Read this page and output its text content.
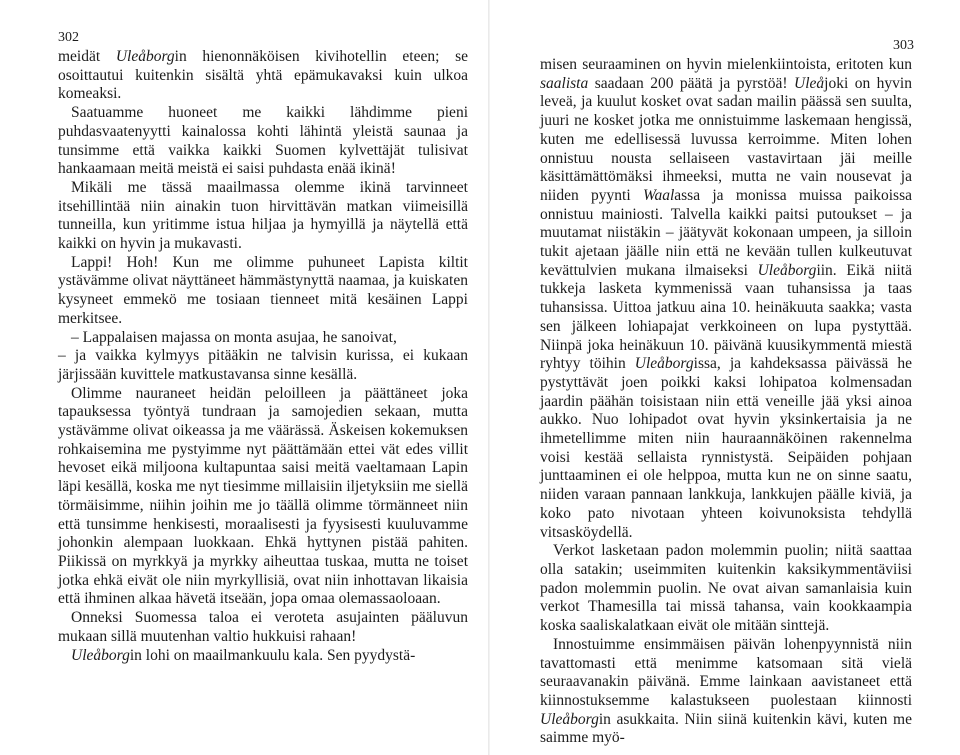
302

meidät Uleåborgin hienonnäköisen kivihotellin eteen; se osoittautui kuitenkin sisältä yhtä epämukavaksi kuin ulkoa komeaksi.

Saatuamme huoneet me kaikki lähdimme pieni puhdasvaatenyytti kainalossa kohti lähintä yleistä saunaa ja tunsimme että vaikka kaikki Suomen kylvettäjät tulisivat hankaamaan meitä meistä ei saisi puhdasta enää ikinä!

Mikäli me tässä maailmassa olemme ikinä tarvinneet itsehillintää niin ainakin tuon hirvittävän matkan viimeisillä tunneilla, kun yritimme istua hiljaa ja hymyillä ja näytellä että kaikki on hyvin ja mukavasti.

Lappi! Hoh! Kun me olimme puhuneet Lapista kiltit ystävämme olivat näyttäneet hämmästynyttä naamaa, ja kuiskaten kysyneet emmekö me tosiaan tienneet mitä kesäinen Lappi merkitsee.

– Lappalaisen majassa on monta asujaa, he sanoivat,

– ja vaikka kylmyys pitääkin ne talvisin kurissa, ei kukaan järjissään kuvittele matkustavansa sinne kesällä.

Olimme nauraneet heidän peloilleen ja päättäneet joka tapauksessa työntyä tundraan ja samojedien sekaan, mutta ystävämme olivat oikeassa ja me väärässä. Äskeisen kokemuksen rohkaisemina me pystyimme nyt päättämään ettei vät edes villit hevoset eikä miljoona kultapuntaa saisi meitä vaeltamaan Lapin läpi kesällä, koska me nyt tiesimme millaisiin iljetyksiin me siellä törmäisimme, niihin joihin me jo täällä olimme törmänneet niin että tunsimme henkisesti, moraalisesti ja fyysisesti kuuluvamme johonkin alempaan luokkaan. Ehkä hyttynen pistää pahiten. Piikissä on myrkkyä ja myrkky aiheuttaa tuskaa, mutta ne toiset jotka ehkä eivät ole niin myrkyllisiä, ovat niin inhottavan likaisia että ihminen alkaa hävetä itseään, jopa omaa olemassaoloaan.

Onneksi Suomessa taloa ei veroteta asujainten pääluvun mukaan sillä muutenhan valtio hukkuisi rahaan!

Uleåborgin lohi on maailmankuulu kala. Sen pyydystä-

303

misen seuraaminen on hyvin mielenkiintoista, eritoten kun saalista saadaan 200 päätä ja pyrstöä! Uleåjoki on hyvin leveä, ja kuulut kosket ovat sadan mailin päässä sen suulta, juuri ne kosket jotka me onnistuimme laskemaan hengissä, kuten me edellisessä luvussa kerroimme. Miten lohen onnistuu nousta sellaiseen vastavirtaan jäi meille käsittämättömäksi ihmeeksi, mutta ne vain nousevat ja niiden pyynti Waalassa ja monissa muissa paikoissa onnistuu mainiosti. Talvella kaikki paitsi putoukset – ja muutamat niistäkin – jäätyvät kokonaan umpeen, ja silloin tukit ajetaan jäälle niin että ne kevään tullen kulkeutuvat kevättulvien mukana ilmaiseksi Uleåborgiin. Eikä niitä tukkeja lasketa kymmenissä vaan tuhansissa ja taas tuhansissa. Uittoa jatkuu aina 10. heinäkuuta saakka; vasta sen jälkeen lohiapajat verkkoineen on lupa pystyttää. Niinpä joka heinäkuun 10. päivänä kuusikymmentä miestä ryhtyy töihin Uleåborgissa, ja kahdeksassa päivässä he pystyttävät joen poikki kaksi lohipatoa kolmensadan jaardin päähän toisistaan niin että veneille jää yksi ainoa aukko. Nuo lohipadot ovat hyvin yksinkertaisia ja ne ihmetellimme miten niin hauraannäköinen rakennelma voisi kestää sellaista rynnistystä. Seipäiden pohjaan junttaaminen ei ole helppoa, mutta kun ne on sinne saatu, niiden varaan pannaan lankkuja, lankkujen päälle kiviä, ja koko pato nivotaan yhteen koivunoksista tehdyllä vitsasköydellä.

Verkot lasketaan padon molemmin puolin; niitä saattaa olla satakin; useimmiten kuitenkin kaksikymmentäviisi padon molemmin puolin. Ne ovat aivan samanlaisia kuin verkot Thamesilla tai missä tahansa, vain kookkaampia koska saaliskalatkaan eivät ole mitään sinttejä.

Innostuimme ensimmäisen päivän lohenpyynnistä niin tavattomasti että menimme katsomaan sitä vielä seuraavanakin päivänä. Emme lainkaan aavistaneet että kiinnostuksemme kalastukseen puolestaan kiinnosti Uleåborgin asukkaita. Niin siinä kuitenkin kävi, kuten me saimme myö-
